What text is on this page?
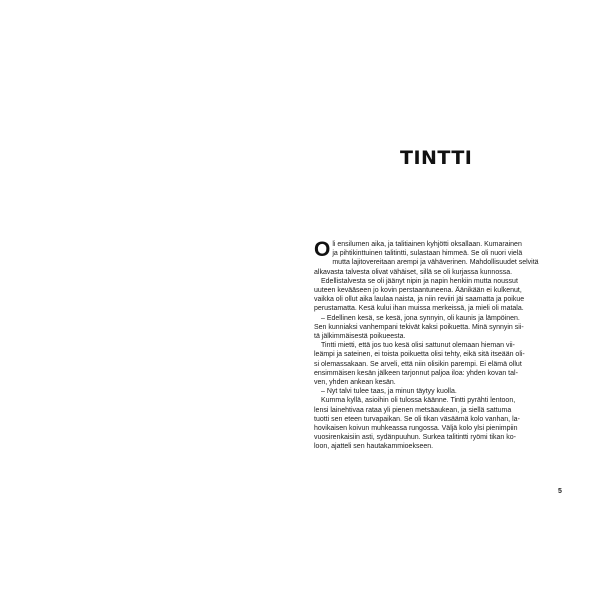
TINTTI
O li ensilumen aika, ja talitiainen kyhjötti oksallaan. Kumarainen

ja pihtikinttuinen talitintti, sulastaan himmeä. Se oli nuori vielä

mutta lajitovereitaan arempi ja vähäverinen. Mahdollisuudet selvitä

alkavasta talvesta olivat vähäiset, sillä se oli kurjassa kunnossa.

Edellistalvesta se oli jäänyt nipin ja napin henkiin mutta noussut

uuteen keväāseen jo kovin perstaantuneena. Äänikään ei kulkenut,

vaikka oli ollut aika laulaa naista, ja niin reviiri jäi saamatta ja poikue

perustamatta. Kesä kului ihan muissa merkeissä, ja mieli oli matala.

– Edellinen kesä, se kesä, jona synnyin, oli kaunis ja lämpöinen.

Sen kunniaksi vanhempani tekivät kaksi poikuetta. Minä synnyin sii-

tä jälkimmäisestä poikueesta.

Tintti mietti, että jos tuo kesä olisi sattunut olemaan hieman vii-

leämpi ja sateinen, ei toista poikuetta olisi tehty, eikä sitä itseään oli-

si olemassakaan. Se arveli, että niin olisikin parempi. Ei elämä ollut

ensimmäisen kesän jälkeen tarjonnut paljoa iloa: yhden kovan tal-

ven, yhden ankean kesän.

– Nyt talvi tulee taas, ja minun täytyy kuolla.

Kumma kyllä, asioihin oli tulossa käänne. Tintti pyrähti lentoon,

lensi lainehtivaa rataa yli pienen metsäaukean, ja siellä sattuma

tuotti sen eteen turvapaikan. Se oli tikan väsäämä kolo vanhan, la-

hovikaisen koivun muhkeassa rungossa. Väljä kolo ylsi pienimpiin

vuosirenkaisiin asti, sydänpuuhun. Surkea talitintti ryömi tikan ko-

loon, ajatteli sen hautakammioekseen.

5
